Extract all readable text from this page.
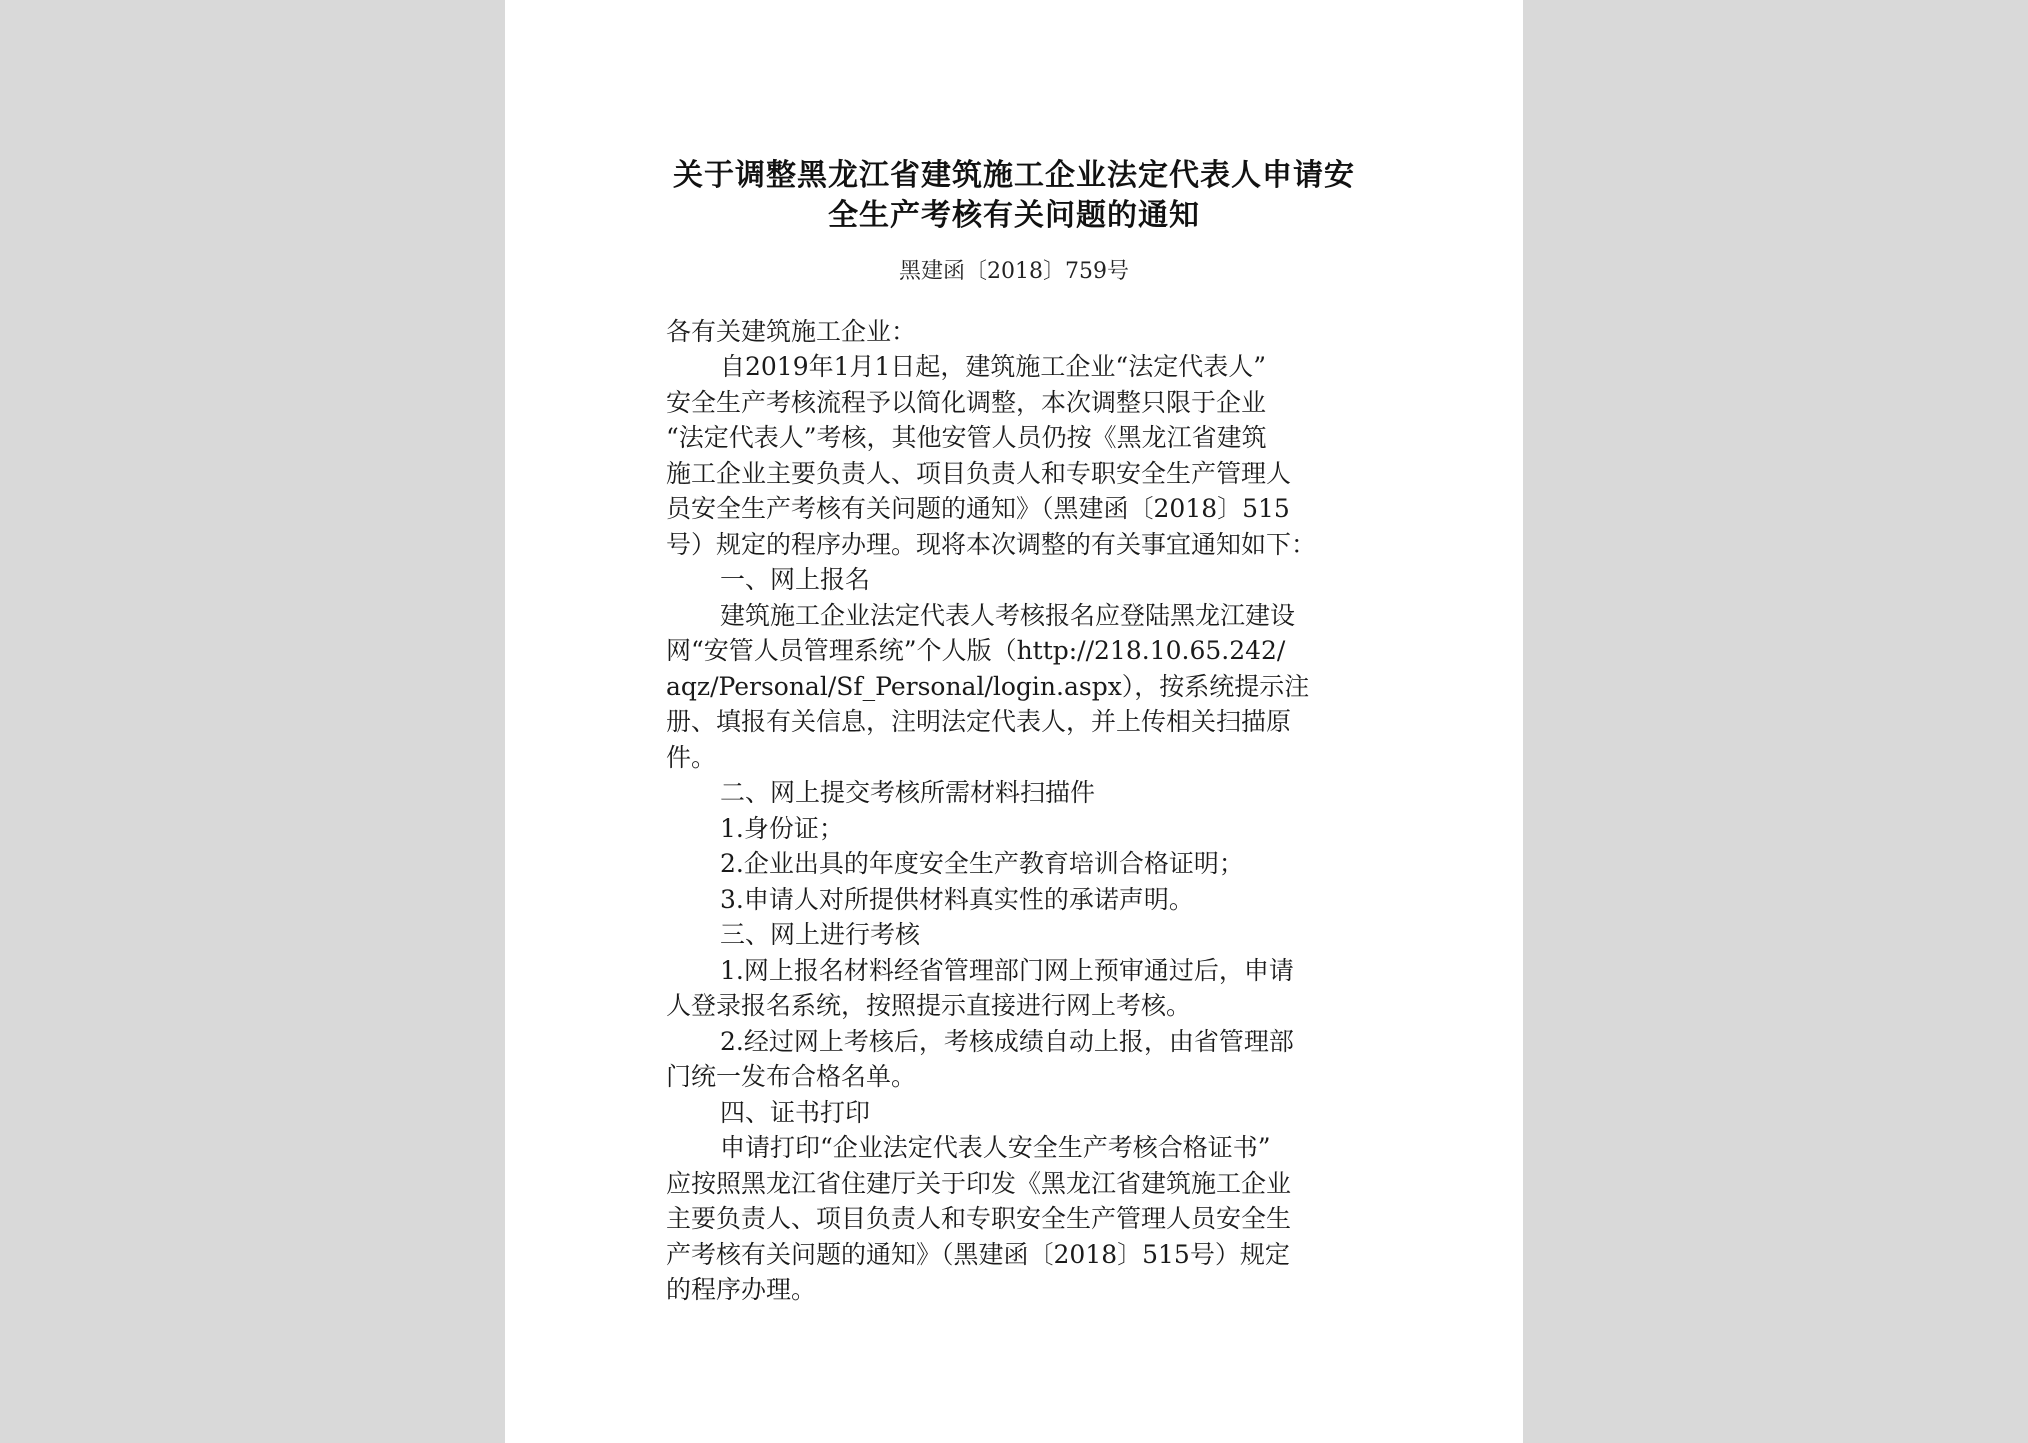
关于调整黑龙江省建筑施工企业法定代表人申请安
全生产考核有关问题的通知
黑建函〔2018〕759号
各有关建筑施工企业：
自2019年1月1日起，建筑施工企业“法定代表人”
安全生产考核流程予以简化调整，本次调整只限于企业
“法定代表人”考核，其他安管人员仍按《黑龙江省建筑
施工企业主要负责人、项目负责人和专职安全生产管理人
员安全生产考核有关问题的通知》（黑建函〔2018〕515
号）规定的程序办理。现将本次调整的有关事宜通知如下：
一、网上报名
建筑施工企业法定代表人考核报名应登陆黑龙江建设
网“安管人员管理系统”个人版（http://218.10.65.242/
aqz/Personal/Sf_Personal/login.aspx），按系统提示注
册、填报有关信息，注明法定代表人，并上传相关扫描原
件。
二、网上提交考核所需材料扫描件
1.身份证；
2.企业出具的年度安全生产教育培训合格证明；
3.申请人对所提供材料真实性的承诺声明。
三、网上进行考核
1.网上报名材料经省管理部门网上预审通过后，申请
人登录报名系统，按照提示直接进行网上考核。
2.经过网上考核后，考核成绩自动上报，由省管理部
门统一发布合格名单。
四、证书打印
申请打印“企业法定代表人安全生产考核合格证书”
应按照黑龙江省住建厅关于印发《黑龙江省建筑施工企业
主要负责人、项目负责人和专职安全生产管理人员安全生
产考核有关问题的通知》（黑建函〔2018〕515号）规定
的程序办理。
